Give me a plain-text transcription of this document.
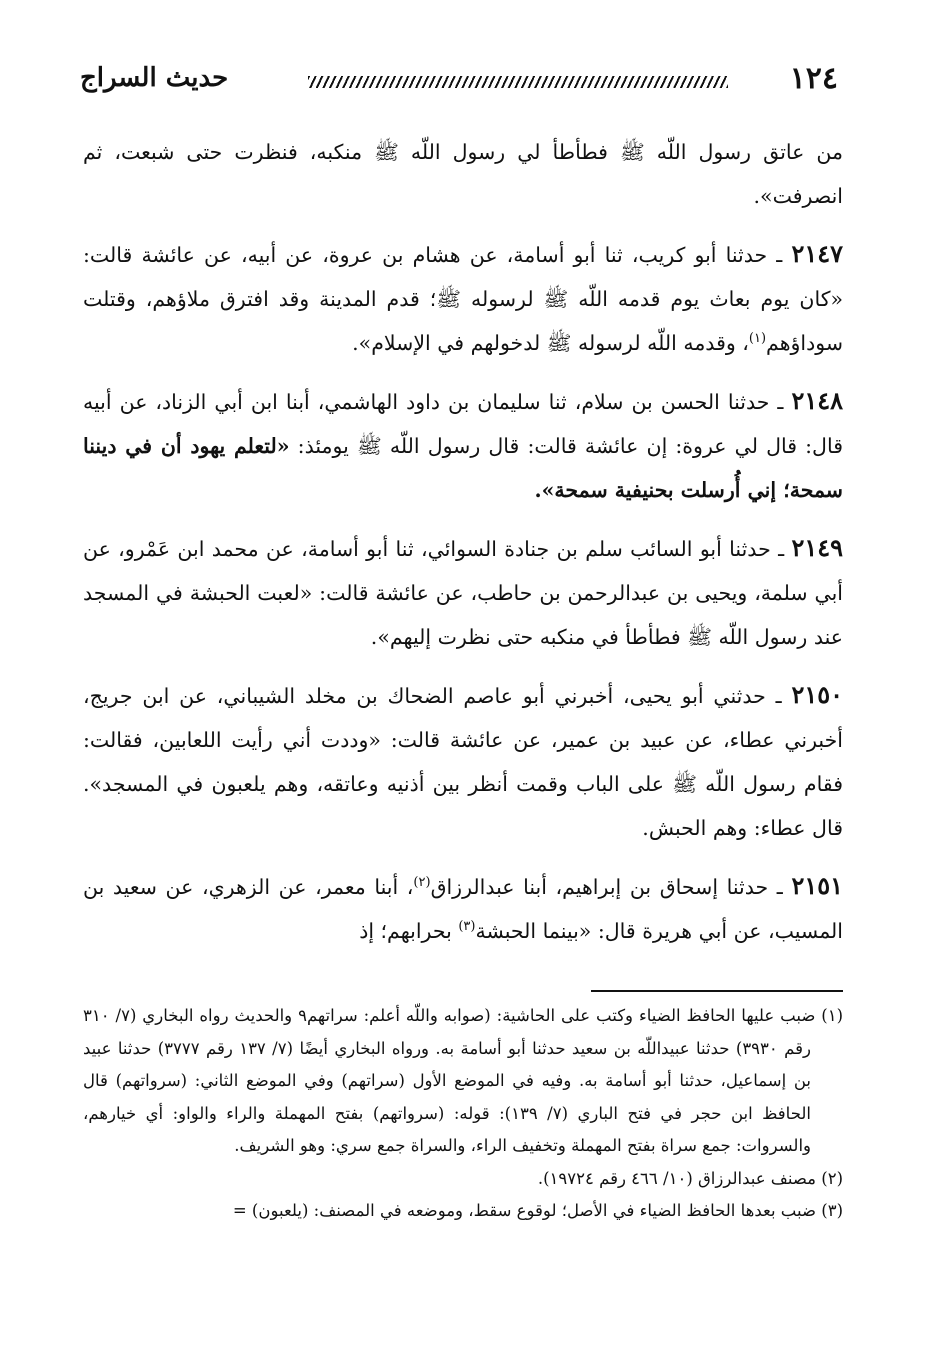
١٢٤
حديث السراج

من عاتق رسول اللّه ﷺ فطأطأ لي رسول اللّه ﷺ منكبه، فنظرت حتى شبعت، ثم انصرفت».

٢١٤٧ ـ حدثنا أبو كريب، ثنا أبو أسامة، عن هشام بن عروة، عن أبيه، عن عائشة قالت: «كان يوم بعاث يوم قدمه اللّه ﷺ لرسوله ﷺ؛ قدم المدينة وقد افترق ملاؤهم، وقتلت سوداؤهم$^{(١)}$، وقدمه اللّه لرسوله ﷺ لدخولهم في الإسلام».

٢١٤٨ ـ حدثنا الحسن بن سلام، ثنا سليمان بن داود الهاشمي، أبنا ابن أبي الزناد، عن أبيه قال: قال لي عروة: إن عائشة قالت: قال رسول اللّه ﷺ يومئذ: «لتعلم يهود أن في ديننا سمحة؛ إني أُرسلت بحنيفية سمحة».

٢١٤٩ ـ حدثنا أبو السائب سلم بن جنادة السوائي، ثنا أبو أسامة، عن محمد ابن عَمْرو، عن أبي سلمة، ويحيى بن عبدالرحمن بن حاطب، عن عائشة قالت: «لعبت الحبشة في المسجد عند رسول اللّه ﷺ فطأطأ في منكبه حتى نظرت إليهم».

٢١٥٠ ـ حدثني أبو يحيى، أخبرني أبو عاصم الضحاك بن مخلد الشيباني، عن ابن جريج، أخبرني عطاء، عن عبيد بن عمير، عن عائشة قالت: «وددت أني رأيت اللعابين، فقالت: فقام رسول اللّه ﷺ على الباب وقمت أنظر بين أذنيه وعاتقه، وهم يلعبون في المسجد». قال عطاء: وهم الحبش.

٢١٥١ ـ حدثنا إسحاق بن إبراهيم، أبنا عبدالرزاق$^{(٢)}$، أبنا معمر، عن الزهري، عن سعيد بن المسيب، عن أبي هريرة قال: «بينما الحبشة$^{(٣)}$ بحرابهم؛ إذ

(١) ضبب عليها الحافظ الضياء وكتب على الحاشية: (صوابه واللّه أعلم: سراتهم٩ والحديث رواه البخاري (٧/ ٣١٠ رقم ٣٩٣٠) حدثنا عبيداللّه بن سعيد حدثنا أبو أسامة به. ورواه البخاري أيضًا (٧/ ١٣٧ رقم ٣٧٧٧) حدثنا عبيد بن إسماعيل، حدثنا أبو أسامة به. وفيه في الموضع الأول (سراتهم) وفي الموضع الثاني: (سرواتهم) قال الحافظ ابن حجر في فتح الباري (٧/ ١٣٩): قوله: (سرواتهم) بفتح المهملة والراء والواو: أي خيارهم، والسروات: جمع سراة بفتح المهملة وتخفيف الراء، والسراة جمع سري: وهو الشريف.

(٢) مصنف عبدالرزاق (١٠/ ٤٦٦ رقم ١٩٧٢٤).

(٣) ضبب بعدها الحافظ الضياء في الأصل؛ لوقوع سقط، وموضعه في المصنف: (يلعبون) =
